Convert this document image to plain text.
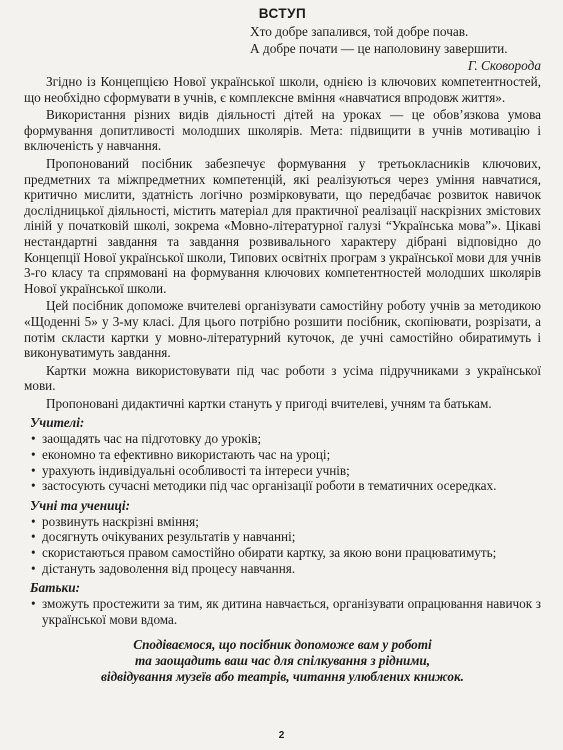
ВСТУП
Хто добре запалився, той добре почав.
А добре почати — це наполовину завершити.
Г. Сковорода

Згідно із Концепцією Нової української школи, однією із ключових компетентностей, що необхідно сформувати в учнів, є комплексне вміння «навчатися впродовж життя».

Використання різних видів діяльності дітей на уроках — це обов’язкова умова формування допитливості молодших школярів. Мета: підвищити в учнів мотивацію і включеність у навчання.

Пропонований посібник забезпечує формування у третьокласників ключових, предметних та міжпредметних компетенцій, які реалізуються через уміння навчатися, критично мислити, здатність логічно розмірковувати, що передбачає розвиток навичок дослідницької діяльності, містить матеріал для практичної реалізaції наскрізних змістових ліній у початковій школі, зокрема «Мовно-літературної галузі “Українська мова”». Цікаві нестандартні завдання та завдання розвивального характеру дібрані відповідно до Концепції Нової української школи, Типових освітніх програм з української мови для учнів 3-го класу та спрямовані на формування ключових компетентностей молодших школярів Нової української школи.

Цей посібник допоможе вчителеві організувати самостійну роботу учнів за методикою «Щоденні 5» у 3-му класі. Для цього потрібно розшити посібник, скопіювати, розрізати, а потім скласти картки у мовно-літературний куточок, де учні самостійно обиратимуть і виконуватимуть завдання.

Картки можна використовувати під час роботи з усіма підручниками з української мови.

Пропоновані дидактичні картки стануть у пригоді вчителеві, учням та батькам.

Учителі:
• заощадять час на підготовку до уроків;
• економно та ефективно використають час на уроці;
• урахують індивідуальні особливості та інтереси учнів;
• застосують сучасні методики під час організації роботи в тематичних осередках.
Учні та учениці:
• розвинуть наскрізні вміння;
• досягнуть очікуваних результатів у навчанні;
• скористаються правом самостійно обирати картку, за якою вони працюватимуть;
• дістануть задоволення від процесу навчання.
Батьки:
• зможуть простежити за тим, як дитина навчається, організувати опрацювання навичок з української мови вдома.
Сподіваємося, що посібник допоможе вам у роботі
та заощадить ваш час для спілкування з рідними,
відвідування музеїв або театрів, читання улюблених книжок.
2
